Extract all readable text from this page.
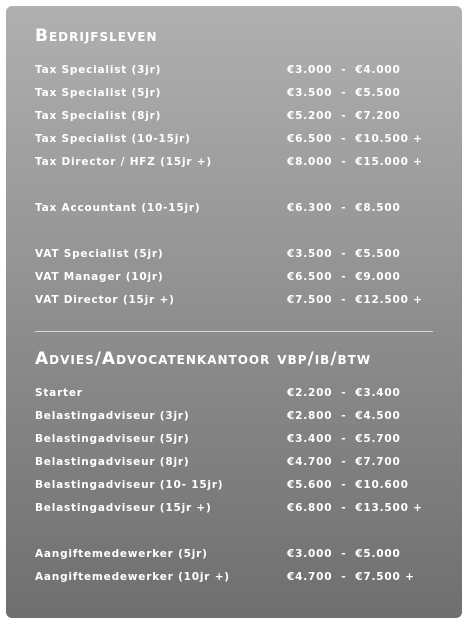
Bedrijfsleven
Tax Specialist (3jr)	€3.000  -  €4.000
Tax Specialist (5jr)	€3.500  -  €5.500
Tax Specialist (8jr)	€5.200  -  €7.200
Tax Specialist (10-15jr)	€6.500  -  €10.500 +
Tax Director / HFZ (15jr +)	€8.000  -  €15.000 +
Tax Accountant (10-15jr)	€6.300  -  €8.500
VAT Specialist (5jr)	€3.500  -  €5.500
VAT Manager (10jr)	€6.500  -  €9.000
VAT Director (15jr +)	€7.500  -  €12.500 +
Advies/Advocatenkantoor vbp/ib/btw
Starter	€2.200  -  €3.400
Belastingadviseur (3jr)	€2.800  -  €4.500
Belastingadviseur (5jr)	€3.400  -  €5.700
Belastingadviseur (8jr)	€4.700  -  €7.700
Belastingadviseur (10- 15jr)	€5.600  -  €10.600
Belastingadviseur (15jr +)	€6.800  -  €13.500 +
Aangiftemedewerker (5jr)	€3.000  -  €5.000
Aangiftemedewerker (10jr +)	€4.700  -  €7.500 +
